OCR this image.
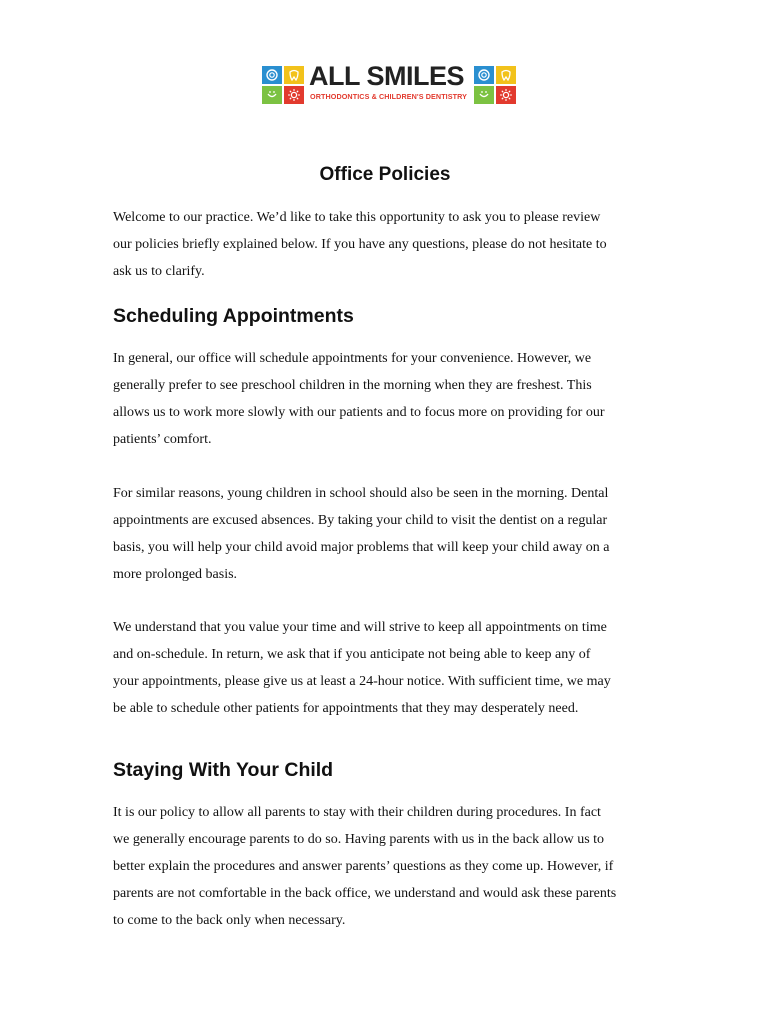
ALL SMILES
ORTHODONTICS & CHILDREN'S DENTISTRY
Office Policies
Welcome to our practice. We’d like to take this opportunity to ask you to please review
our policies briefly explained below. If you have any questions, please do not hesitate to
ask us to clarify.
Scheduling Appointments
In general, our office will schedule appointments for your convenience. However, we
generally prefer to see preschool children in the morning when they are freshest. This
allows us to work more slowly with our patients and to focus more on providing for our
patients’ comfort.
For similar reasons, young children in school should also be seen in the morning. Dental
appointments are excused absences. By taking your child to visit the dentist on a regular
basis, you will help your child avoid major problems that will keep your child away on a
more prolonged basis.
We understand that you value your time and will strive to keep all appointments on time
and on-schedule. In return, we ask that if you anticipate not being able to keep any of
your appointments, please give us at least a 24-hour notice. With sufficient time, we may
be able to schedule other patients for appointments that they may desperately need.
Staying With Your Child
It is our policy to allow all parents to stay with their children during procedures. In fact
we generally encourage parents to do so. Having parents with us in the back allow us to
better explain the procedures and answer parents’ questions as they come up. However, if
parents are not comfortable in the back office, we understand and would ask these parents
to come to the back only when necessary.
